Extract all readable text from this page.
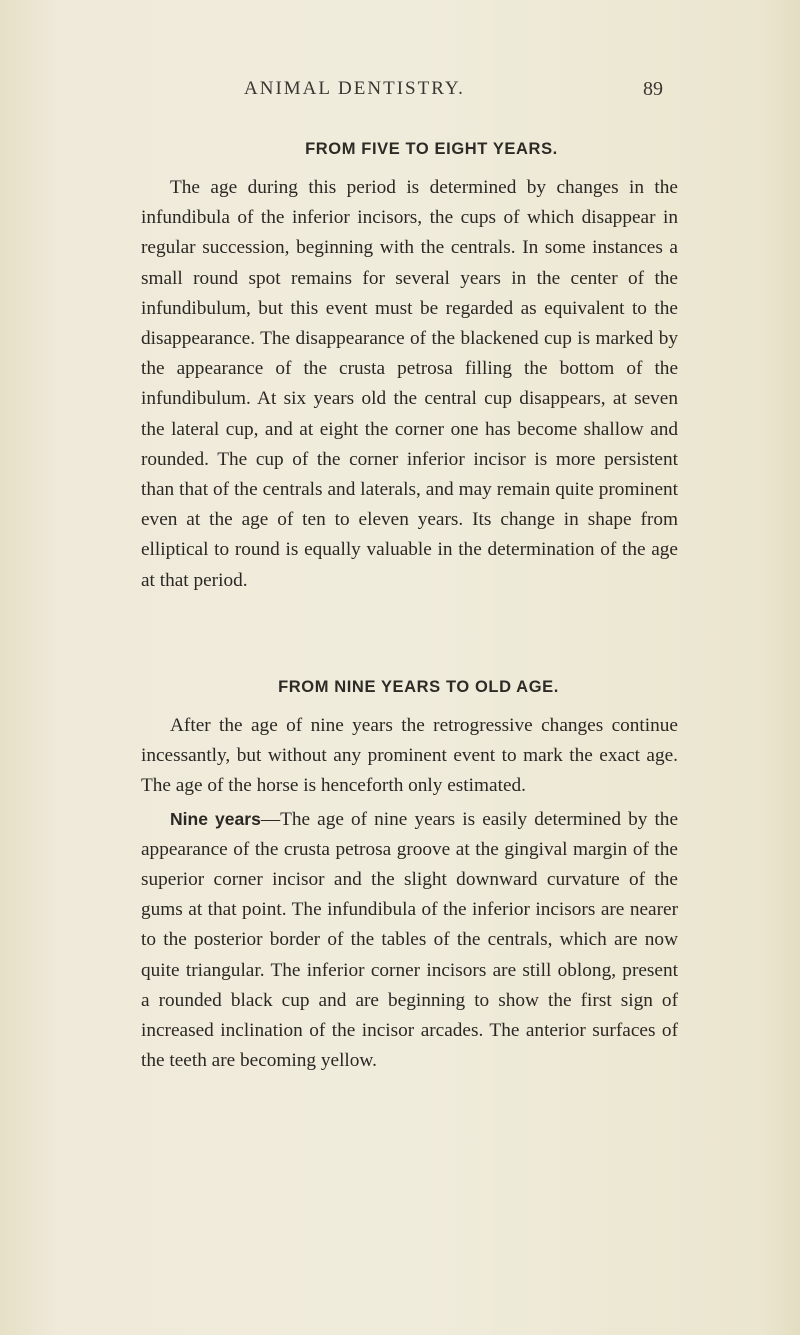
ANIMAL DENTISTRY.	89
FROM FIVE TO EIGHT YEARS.

The age during this period is determined by changes in the infundibula of the inferior incisors, the cups of which disappear in regular succession, beginning with the centrals. In some instances a small round spot remains for several years in the center of the infundibulum, but this event must be regarded as equivalent to the disappearance. The disappearance of the blackened cup is marked by the appearance of the crusta petrosa filling the bottom of the infundibulum. At six years old the central cup disappears, at seven the lateral cup, and at eight the corner one has become shallow and rounded. The cup of the corner inferior incisor is more persistent than that of the centrals and laterals, and may remain quite prominent even at the age of ten to eleven years. Its change in shape from elliptical to round is equally valuable in the determination of the age at that period.

FROM NINE YEARS TO OLD AGE.

After the age of nine years the retrogressive changes continue incessantly, but without any prominent event to mark the exact age. The age of the horse is henceforth only estimated.

Nine years—The age of nine years is easily determined by the appearance of the crusta petrosa groove at the gingival margin of the superior corner incisor and the slight downward curvature of the gums at that point. The infundibula of the inferior incisors are nearer to the posterior border of the tables of the centrals, which are now quite triangular. The inferior corner incisors are still oblong, present a rounded black cup and are beginning to show the first sign of increased inclination of the incisor arcades. The anterior surfaces of the teeth are becoming yellow.
